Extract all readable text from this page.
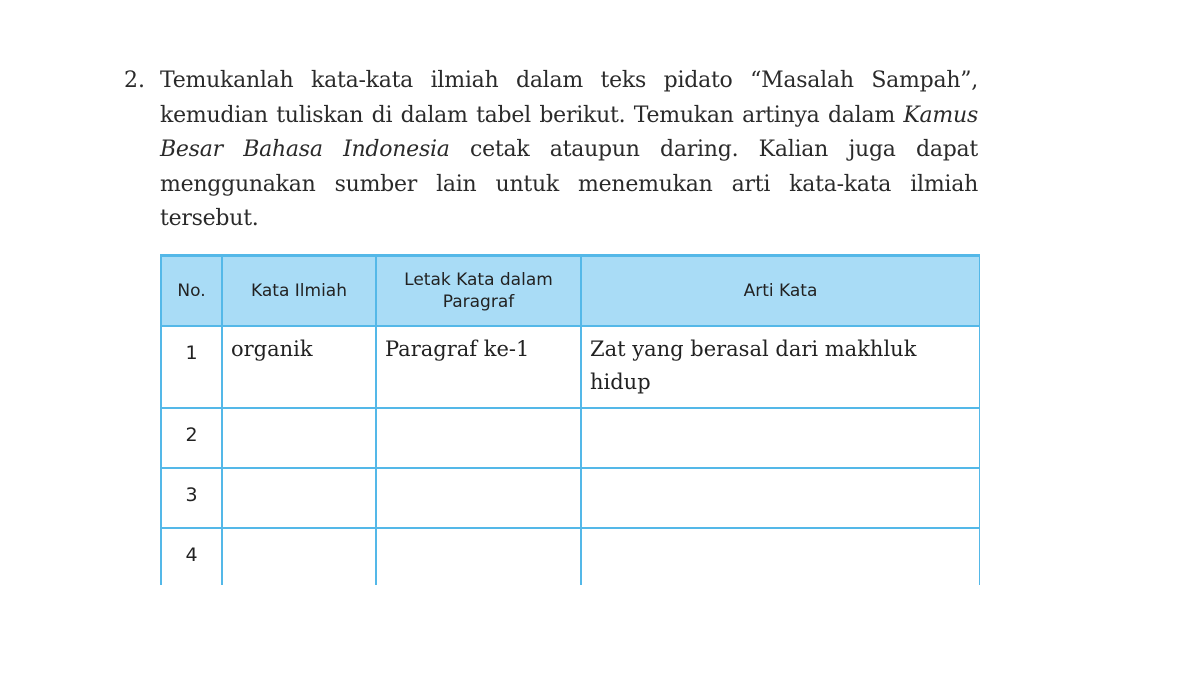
2. Temukanlah kata-kata ilmiah dalam teks pidato “Masalah Sampah”, kemudian tuliskan di dalam tabel berikut. Temukan artinya dalam Kamus Besar Bahasa Indonesia cetak ataupun daring. Kalian juga dapat menggunakan sumber lain untuk menemukan arti kata-kata ilmiah tersebut.
No.	Kata Ilmiah	Letak Kata dalam Paragraf	Arti Kata
1	organik	Paragraf ke-1	Zat yang berasal dari makhluk hidup
2			
3			
4			
